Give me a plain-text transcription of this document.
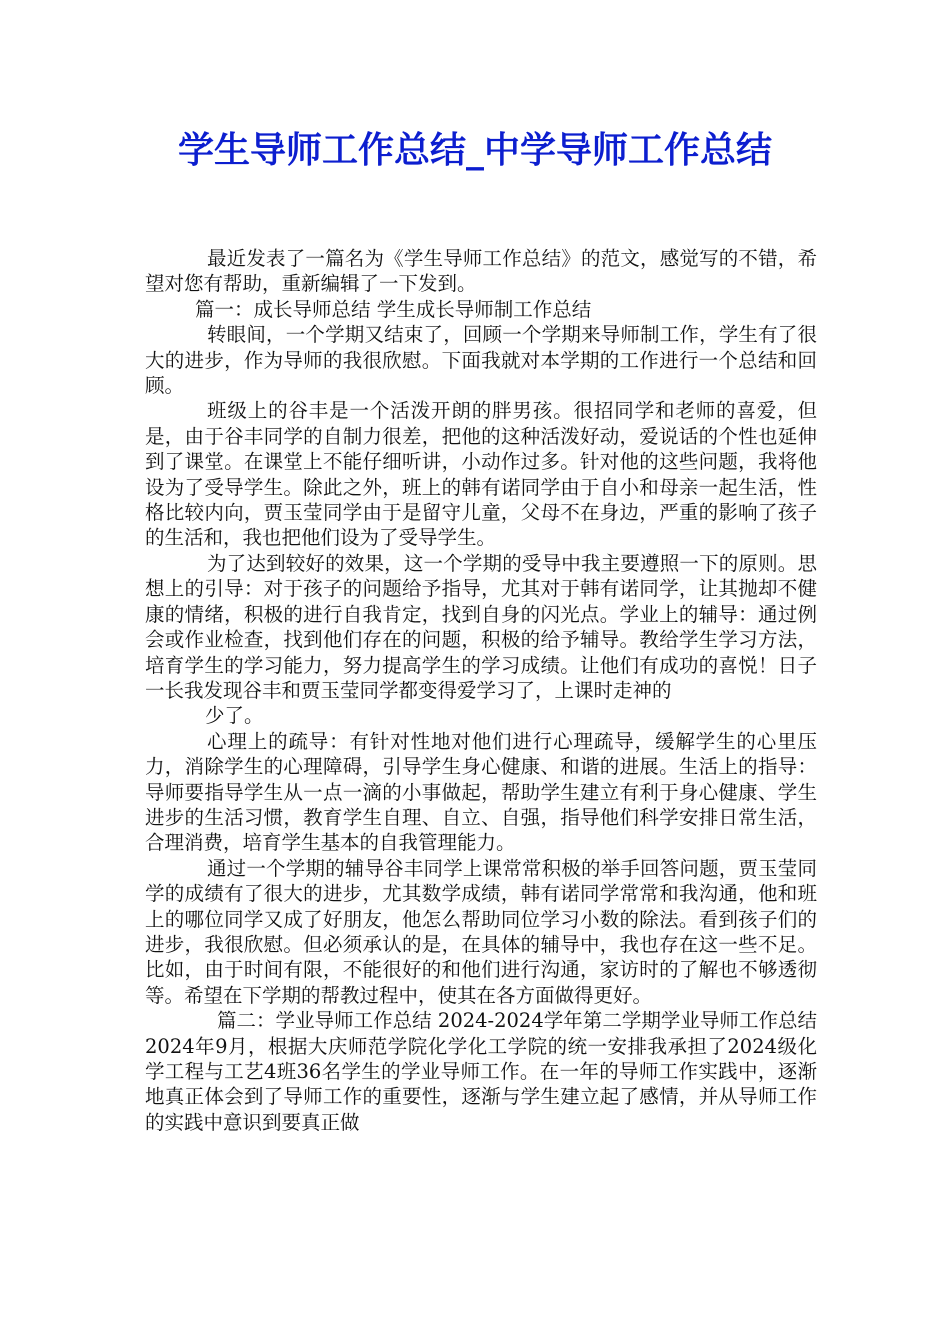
学生导师工作总结_中学导师工作总结

最近发表了一篇名为《学生导师工作总结》的范文，感觉写的不错，希望对您有帮助，重新编辑了一下发到。

篇一：成长导师总结 学生成长导师制工作总结

转眼间，一个学期又结束了，回顾一个学期来导师制工作，学生有了很大的进步，作为导师的我很欣慰。下面我就对本学期的工作进行一个总结和回顾。

班级上的谷丰是一个活泼开朗的胖男孩。很招同学和老师的喜爱，但是，由于谷丰同学的自制力很差，把他的这种活泼好动，爱说话的个性也延伸到了课堂。在课堂上不能仔细听讲，小动作过多。针对他的这些问题，我将他设为了受导学生。除此之外，班上的韩有诺同学由于自小和母亲一起生活，性格比较内向，贾玉莹同学由于是留守儿童，父母不在身边，严重的影响了孩子的生活和，我也把他们设为了受导学生。

为了达到较好的效果，这一个学期的受导中我主要遵照一下的原则。思想上的引导：对于孩子的问题给予指导，尤其对于韩有诺同学，让其抛却不健康的情绪，积极的进行自我肯定，找到自身的闪光点。学业上的辅导：通过例会或作业检查，找到他们存在的问题，积极的给予辅导。教给学生学习方法，培育学生的学习能力，努力提高学生的学习成绩。让他们有成功的喜悦！日子一长我发现谷丰和贾玉莹同学都变得爱学习了，上课时走神的

少了。

心理上的疏导：有针对性地对他们进行心理疏导，缓解学生的心里压力，消除学生的心理障碍，引导学生身心健康、和谐的进展。生活上的指导：导师要指导学生从一点一滴的小事做起，帮助学生建立有利于身心健康、学生进步的生活习惯，教育学生自理、自立、自强，指导他们科学安排日常生活，合理消费，培育学生基本的自我管理能力。

通过一个学期的辅导谷丰同学上课常常积极的举手回答问题，贾玉莹同学的成绩有了很大的进步，尤其数学成绩，韩有诺同学常常和我沟通，他和班上的哪位同学又成了好朋友，他怎么帮助同位学习小数的除法。看到孩子们的进步，我很欣慰。但必须承认的是，在具体的辅导中，我也存在这一些不足。比如，由于时间有限，不能很好的和他们进行沟通，家访时的了解也不够透彻等。希望在下学期的帮教过程中，使其在各方面做得更好。

篇二：学业导师工作总结 2024-2024学年第二学期学业导师工作总结 2024年9月，根据大庆师范学院化学化工学院的统一安排我承担了2024级化学工程与工艺4班36名学生的学业导师工作。在一年的导师工作实践中，逐渐地真正体会到了导师工作的重要性，逐渐与学生建立起了感情，并从导师工作的实践中意识到要真正做
